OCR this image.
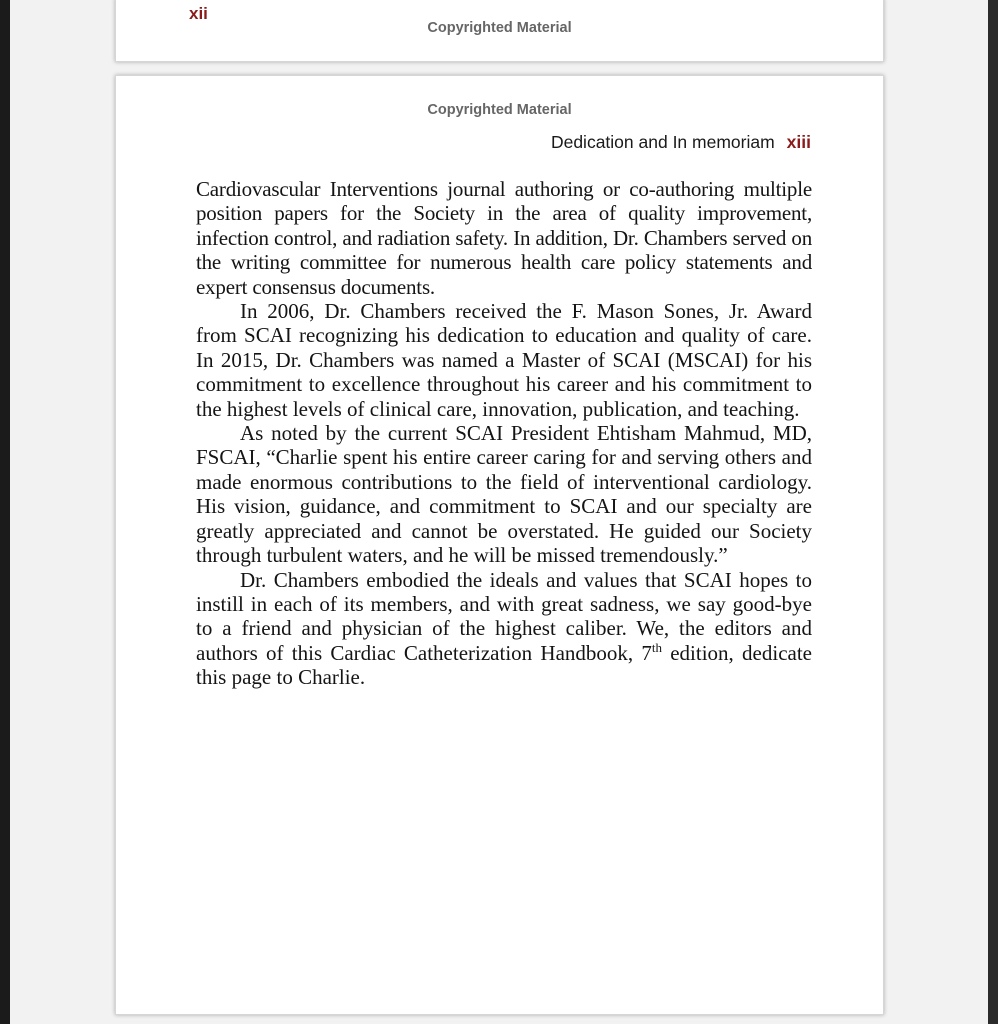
xii
Copyrighted Material
Copyrighted Material
Dedication and In memoriam xiii

Cardiovascular Interventions journal authoring or co-authoring multiple position papers for the Society in the area of quality improvement, infection control, and radiation safety. In addition, Dr. Chambers served on the writing committee for numerous health care policy statements and expert consensus documents.

In 2006, Dr. Chambers received the F. Mason Sones, Jr. Award from SCAI recognizing his dedication to education and quality of care. In 2015, Dr. Chambers was named a Master of SCAI (MSCAI) for his commitment to excellence throughout his career and his commitment to the highest levels of clinical care, innovation, publication, and teaching.

As noted by the current SCAI President Ehtisham Mahmud, MD, FSCAI, “Charlie spent his entire career caring for and serving others and made enormous contributions to the field of interventional cardiology. His vision, guidance, and commitment to SCAI and our specialty are greatly appreciated and cannot be overstated. He guided our Society through turbulent waters, and he will be missed tremendously.”

Dr. Chambers embodied the ideals and values that SCAI hopes to instill in each of its members, and with great sadness, we say good-bye to a friend and physician of the highest caliber. We, the editors and authors of this Cardiac Catheterization Handbook, 7th edition, dedicate this page to Charlie.
